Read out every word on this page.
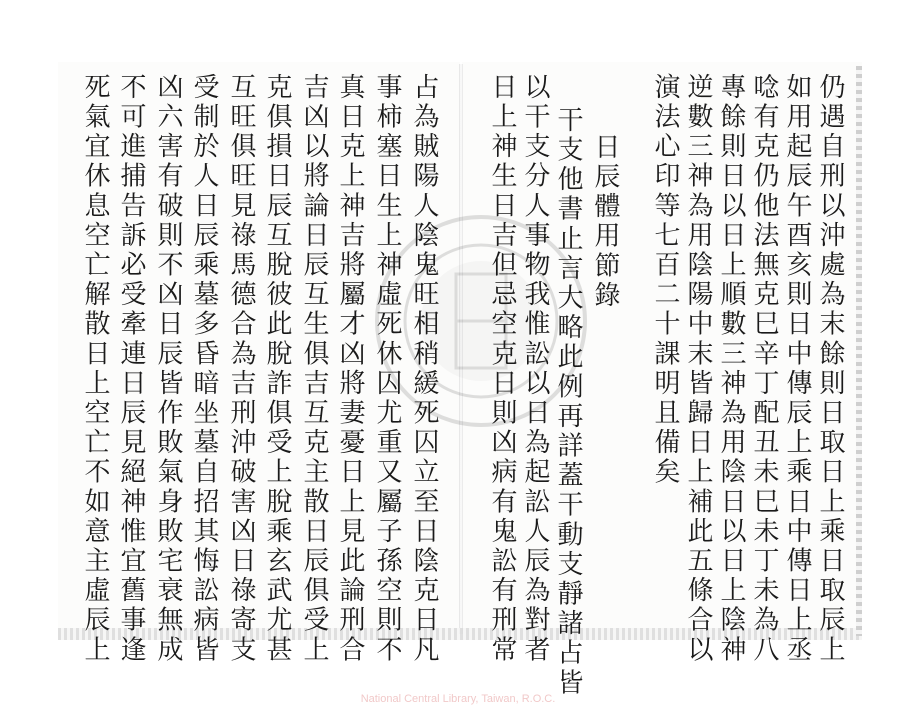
仍遇自刑以沖處為末餘則日取日上乘日取辰上
如用起辰午酉亥則日中傳辰上乘日中傳日上丞
唸有克仍他法無克巳辛丁配丑未巳未丁未為八
專餘則日以日上順數三神為用陰日以日上陰神
逆數三神為用陰陽中末皆歸日上補此五條合以
演法心印等七百二十課明且備矣
日辰體用節錄
干支他書止言大略此例再詳蓋干動支靜諸占皆
以干支分人事物我惟訟以日為起訟人辰為對者
日上神生日吉但忌空克日則凶病有鬼訟有刑常
占為賊陽人陰鬼旺相稍緩死囚立至日陰克日凡
事柿塞日生上神虛死休囚尤重又屬子孫空則不
真日克上神吉將屬才凶將妻憂日上見此論刑合
吉凶以將論日辰互生俱吉互克主散日辰俱受上
克俱損日辰互脫彼此脫詐俱受上脫乘玄武尤甚
互旺俱旺見祿馬德合為吉刑沖破害凶日祿寄支
受制於人日辰乘墓多昏暗坐墓自招其悔訟病皆
凶六害有破則不凶日辰皆作敗氣身敗宅衰無成
不可進捕告訴必受牽連日辰見絕神惟宜舊事逢
死氣宜休息空亡解散日上空亡不如意主虛辰上
National Central Library, Taiwan, R.O.C.
